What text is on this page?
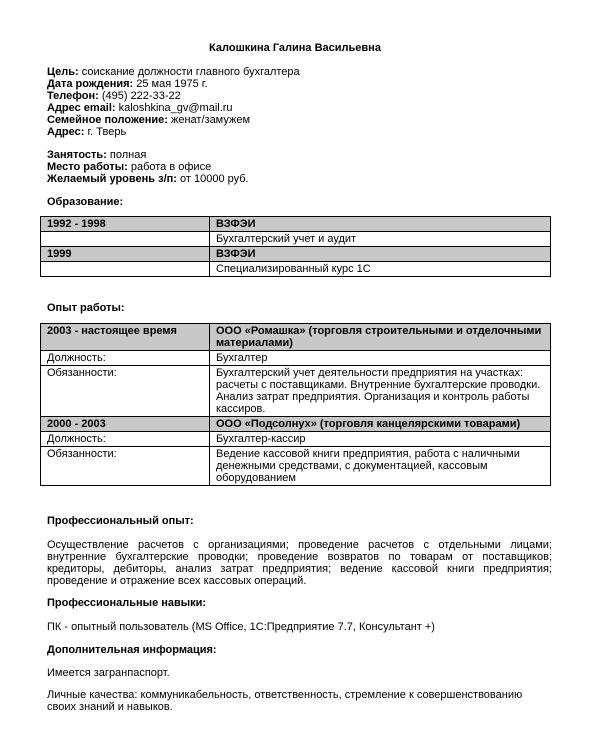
Калошкина Галина Васильевна
Цель: соискание должности главного бухгалтера
Дата рождения: 25 мая 1975 г.
Телефон: (495) 222-33-22
Адрес email: kaloshkina_gv@mail.ru
Семейное положение: женат/замужем
Адрес: г. Тверь
Занятость: полная
Место работы: работа в офисе
Желаемый уровень з/п: от 10000 руб.
Образование:
1992 - 1998	ВЗФЭИ
	Бухгалтерский учет и аудит
1999	ВЗФЭИ
	Специализированный курс 1С
Опыт работы:
2003 - настоящее время	ООО «Ромашка» (торговля строительными и отделочными материалами)
Должность:	Бухгалтер
Обязанности:	Бухгалтерский учет деятельности предприятия на участках: расчеты с поставщиками. Внутренние бухгалтерские проводки. Анализ затрат предприятия. Организация и контроль работы кассиров.
2000 - 2003	ООО «Подсолнух» (торговля канцелярскими товарами)
Должность:	Бухгалтер-кассир
Обязанности:	Ведение кассовой книги предприятия, работа с наличными денежными средствами, с документацией, кассовым оборудованием
Профессиональный опыт:
Осуществление расчетов с организациями; проведение расчетов с отдельными лицами; внутренние бухгалтерские проводки; проведение возвратов по товарам от поставщиков; кредиторы, дебиторы, анализ затрат предприятия; ведение кассовой книги предприятия; проведение и отражение всех кассовых операций.
Профессиональные навыки:
ПК - опытный пользователь (MS Office, 1С:Предприятие 7.7, Консультант +)
Дополнительная информация:
Имеется загранпаспорт.
Личные качества: коммуникабельность, ответственность, стремление к совершенствованию своих знаний и навыков.
